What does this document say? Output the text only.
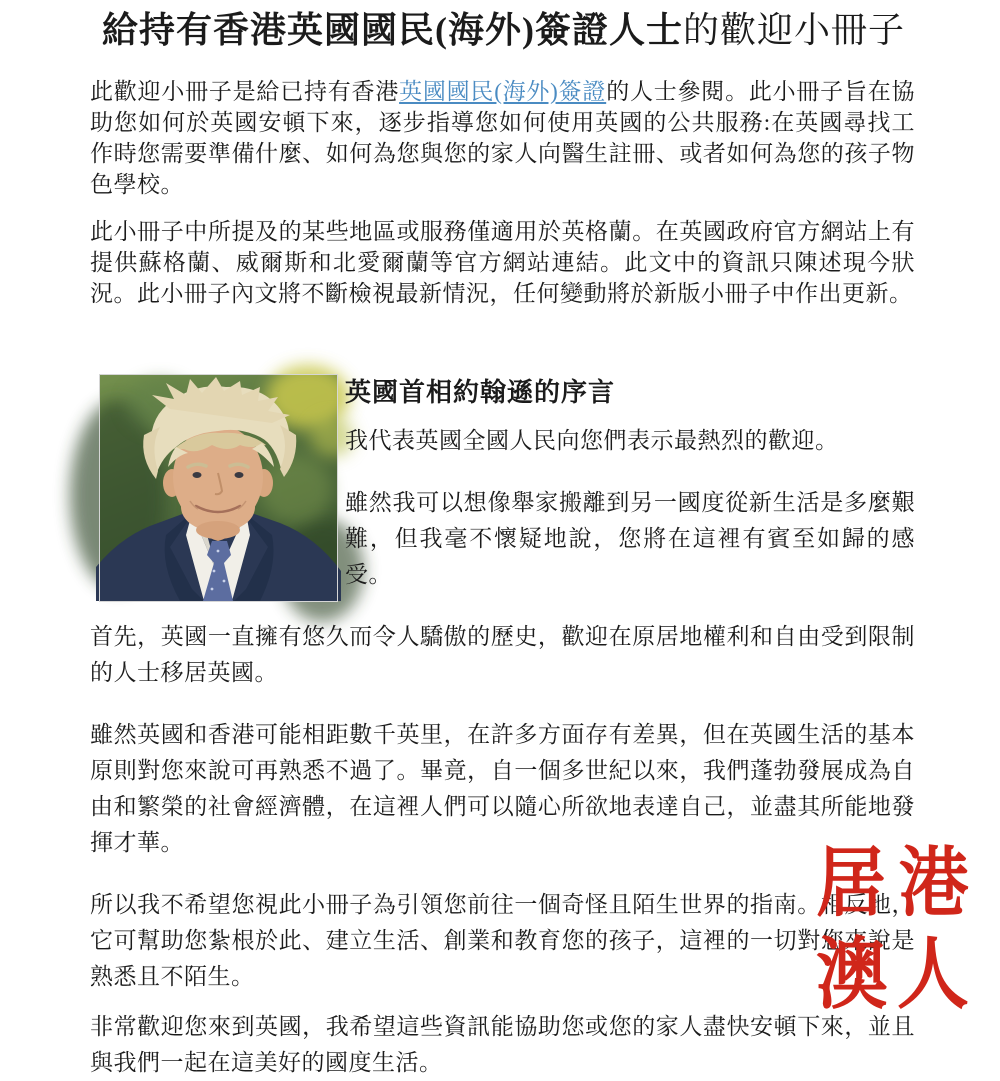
給持有香港英國國民(海外)簽證人士的歡迎小冊子

此歡迎小冊子是給已持有香港英國國民(海外)簽證的人士參閱。此小冊子旨在協助您如何於英國安頓下來，逐步指導您如何使用英國的公共服務:在英國尋找工作時您需要準備什麼、如何為您與您的家人向醫生註冊、或者如何為您的孩子物色學校。

此小冊子中所提及的某些地區或服務僅適用於英格蘭。在英國政府官方網站上有提供蘇格蘭、威爾斯和北愛爾蘭等官方網站連結。此文中的資訊只陳述現今狀況。此小冊子內文將不斷檢視最新情況，任何變動將於新版小冊子中作出更新。

英國首相約翰遜的序言

我代表英國全國人民向您們表示最熱烈的歡迎。

雖然我可以想像舉家搬離到另一國度從新生活是多麼艱難，但我毫不懷疑地說，您將在這裡有賓至如歸的感受。

首先，英國一直擁有悠久而令人驕傲的歷史，歡迎在原居地權利和自由受到限制的人士移居英國。

雖然英國和香港可能相距數千英里，在許多方面存有差異，但在英國生活的基本原則對您來說可再熟悉不過了。畢竟，自一個多世紀以來，我們蓬勃發展成為自由和繁榮的社會經濟體，在這裡人們可以隨心所欲地表達自己，並盡其所能地發揮才華。

所以我不希望您視此小冊子為引領您前往一個奇怪且陌生世界的指南。相反地，它可幫助您紮根於此、建立生活、創業和教育您的孩子，這裡的一切對您來說是熟悉且不陌生。

非常歡迎您來到英國，我希望這些資訊能協助您或您的家人盡快安頓下來，並且與我們一起在這美好的國度生活。

居港
澳人
